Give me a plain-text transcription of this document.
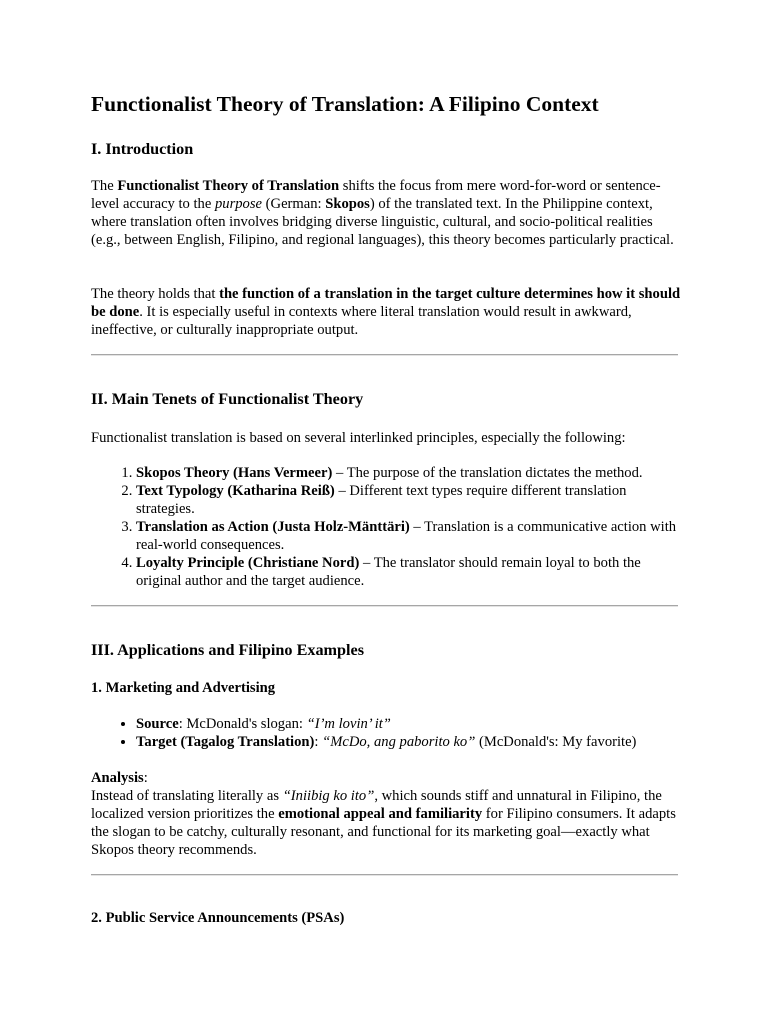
Functionalist Theory of Translation: A Filipino Context
I. Introduction

The Functionalist Theory of Translation shifts the focus from mere word-for-word or sentence-level accuracy to the purpose (German: Skopos) of the translated text. In the Philippine context, where translation often involves bridging diverse linguistic, cultural, and socio-political realities (e.g., between English, Filipino, and regional languages), this theory becomes particularly practical.

The theory holds that the function of a translation in the target culture determines how it should be done. It is especially useful in contexts where literal translation would result in awkward, ineffective, or culturally inappropriate output.

II. Main Tenets of Functionalist Theory

Functionalist translation is based on several interlinked principles, especially the following:

1. Skopos Theory (Hans Vermeer) – The purpose of the translation dictates the method.
2. Text Typology (Katharina Reiß) – Different text types require different translation strategies.
3. Translation as Action (Justa Holz-Mänttäri) – Translation is a communicative action with real-world consequences.
4. Loyalty Principle (Christiane Nord) – The translator should remain loyal to both the original author and the target audience.
III. Applications and Filipino Examples
1. Marketing and Advertising
• Source: McDonald's slogan: “I’m lovin’ it”
• Target (Tagalog Translation): “McDo, ang paborito ko” (McDonald's: My favorite)

Analysis:
Instead of translating literally as “Iniibig ko ito”, which sounds stiff and unnatural in Filipino, the localized version prioritizes the emotional appeal and familiarity for Filipino consumers. It adapts the slogan to be catchy, culturally resonant, and functional for its marketing goal—exactly what Skopos theory recommends.

2. Public Service Announcements (PSAs)
